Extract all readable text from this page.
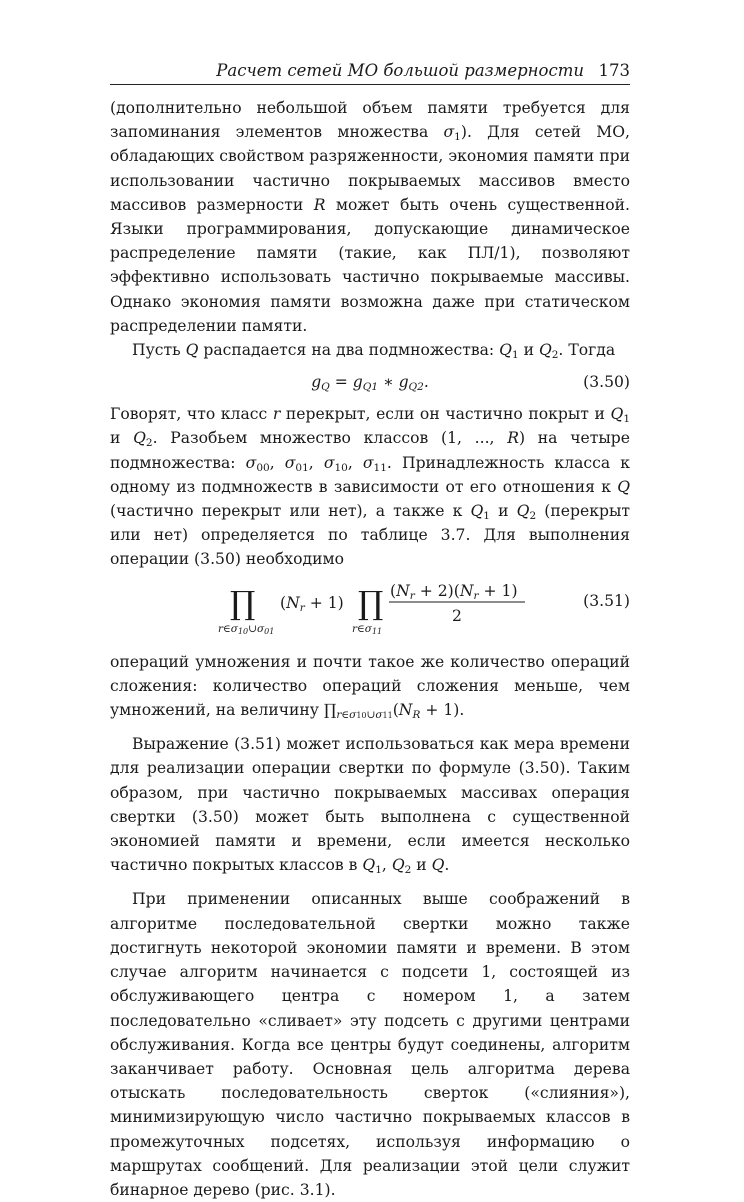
Расчет сетей МО большой размерности 173

(дополнительно небольшой объем памяти требуется для запоминания элементов множества $\sigma_1$). Для сетей МО, обладающих свойством разряженности, экономия памяти при использовании частично покрываемых массивов вместо массивов размерности R может быть очень существенной. Языки программирования, допускающие динамическое распределение памяти (такие, как ПЛ/1), позволяют эффективно использовать частично покрываемые массивы. Однако экономия памяти возможна даже при статическом распределении памяти.

Пусть Q распадается на два подмножества: $Q_1$ и $Q_2$. Тогда

$g_Q = g_{Q1}$ ∗ $g_{Q2}$.	(3.50)

Говорят, что класс r перекрыт, если он частично покрыт и $Q_1$ и $Q_2$. Разобьем множество классов (1, ..., R) на четыре подмножества: $\sigma_{00}$, $\sigma_{01}$, $\sigma_{10}$, $\sigma_{11}$. Принадлежность класса к одному из подмножеств в зависимости от его отношения к Q (частично перекрыт или нет), а также к $Q_1$ и $Q_2$ (перекрыт или нет) определяется по таблице 3.7. Для выполнения операции (3.50) необходимо

∏
r∈σ10∪σ01
(Nr + 1) ∏
r∈σ11
(Nr + 2)(Nr + 1)
2
(3.51)

операций умножения и почти такое же количество операций сложения: количество операций сложения меньше, чем умножений, на величину $\prod_{r\in\sigma 10\cup\sigma 11}(N_R + 1)$.

Выражение (3.51) может использоваться как мера времени для реализации операции свертки по формуле (3.50). Таким образом, при частично покрываемых массивах операция свертки (3.50) может быть выполнена с существенной экономией памяти и времени, если имеется несколько частично покрытых классов в $Q_1$, $Q_2$ и Q.

При применении описанных выше соображений в алгоритме последовательной свертки можно также достигнуть некоторой экономии памяти и времени. В этом случае алгоритм начинается с подсети 1, состоящей из обслуживающего центра с номером 1, а затем последовательно «сливает» эту подсеть с другими центрами обслуживания. Когда все центры будут соединены, алгоритм заканчивает работу. Основная цель алгоритма дерева отыскать последовательность сверток («слияния»), минимизирующую число частично покрываемых классов в промежуточных подсетях, используя информацию о маршрутах сообщений. Для реализации этой цели служит бинарное дерево (рис. 3.1).
